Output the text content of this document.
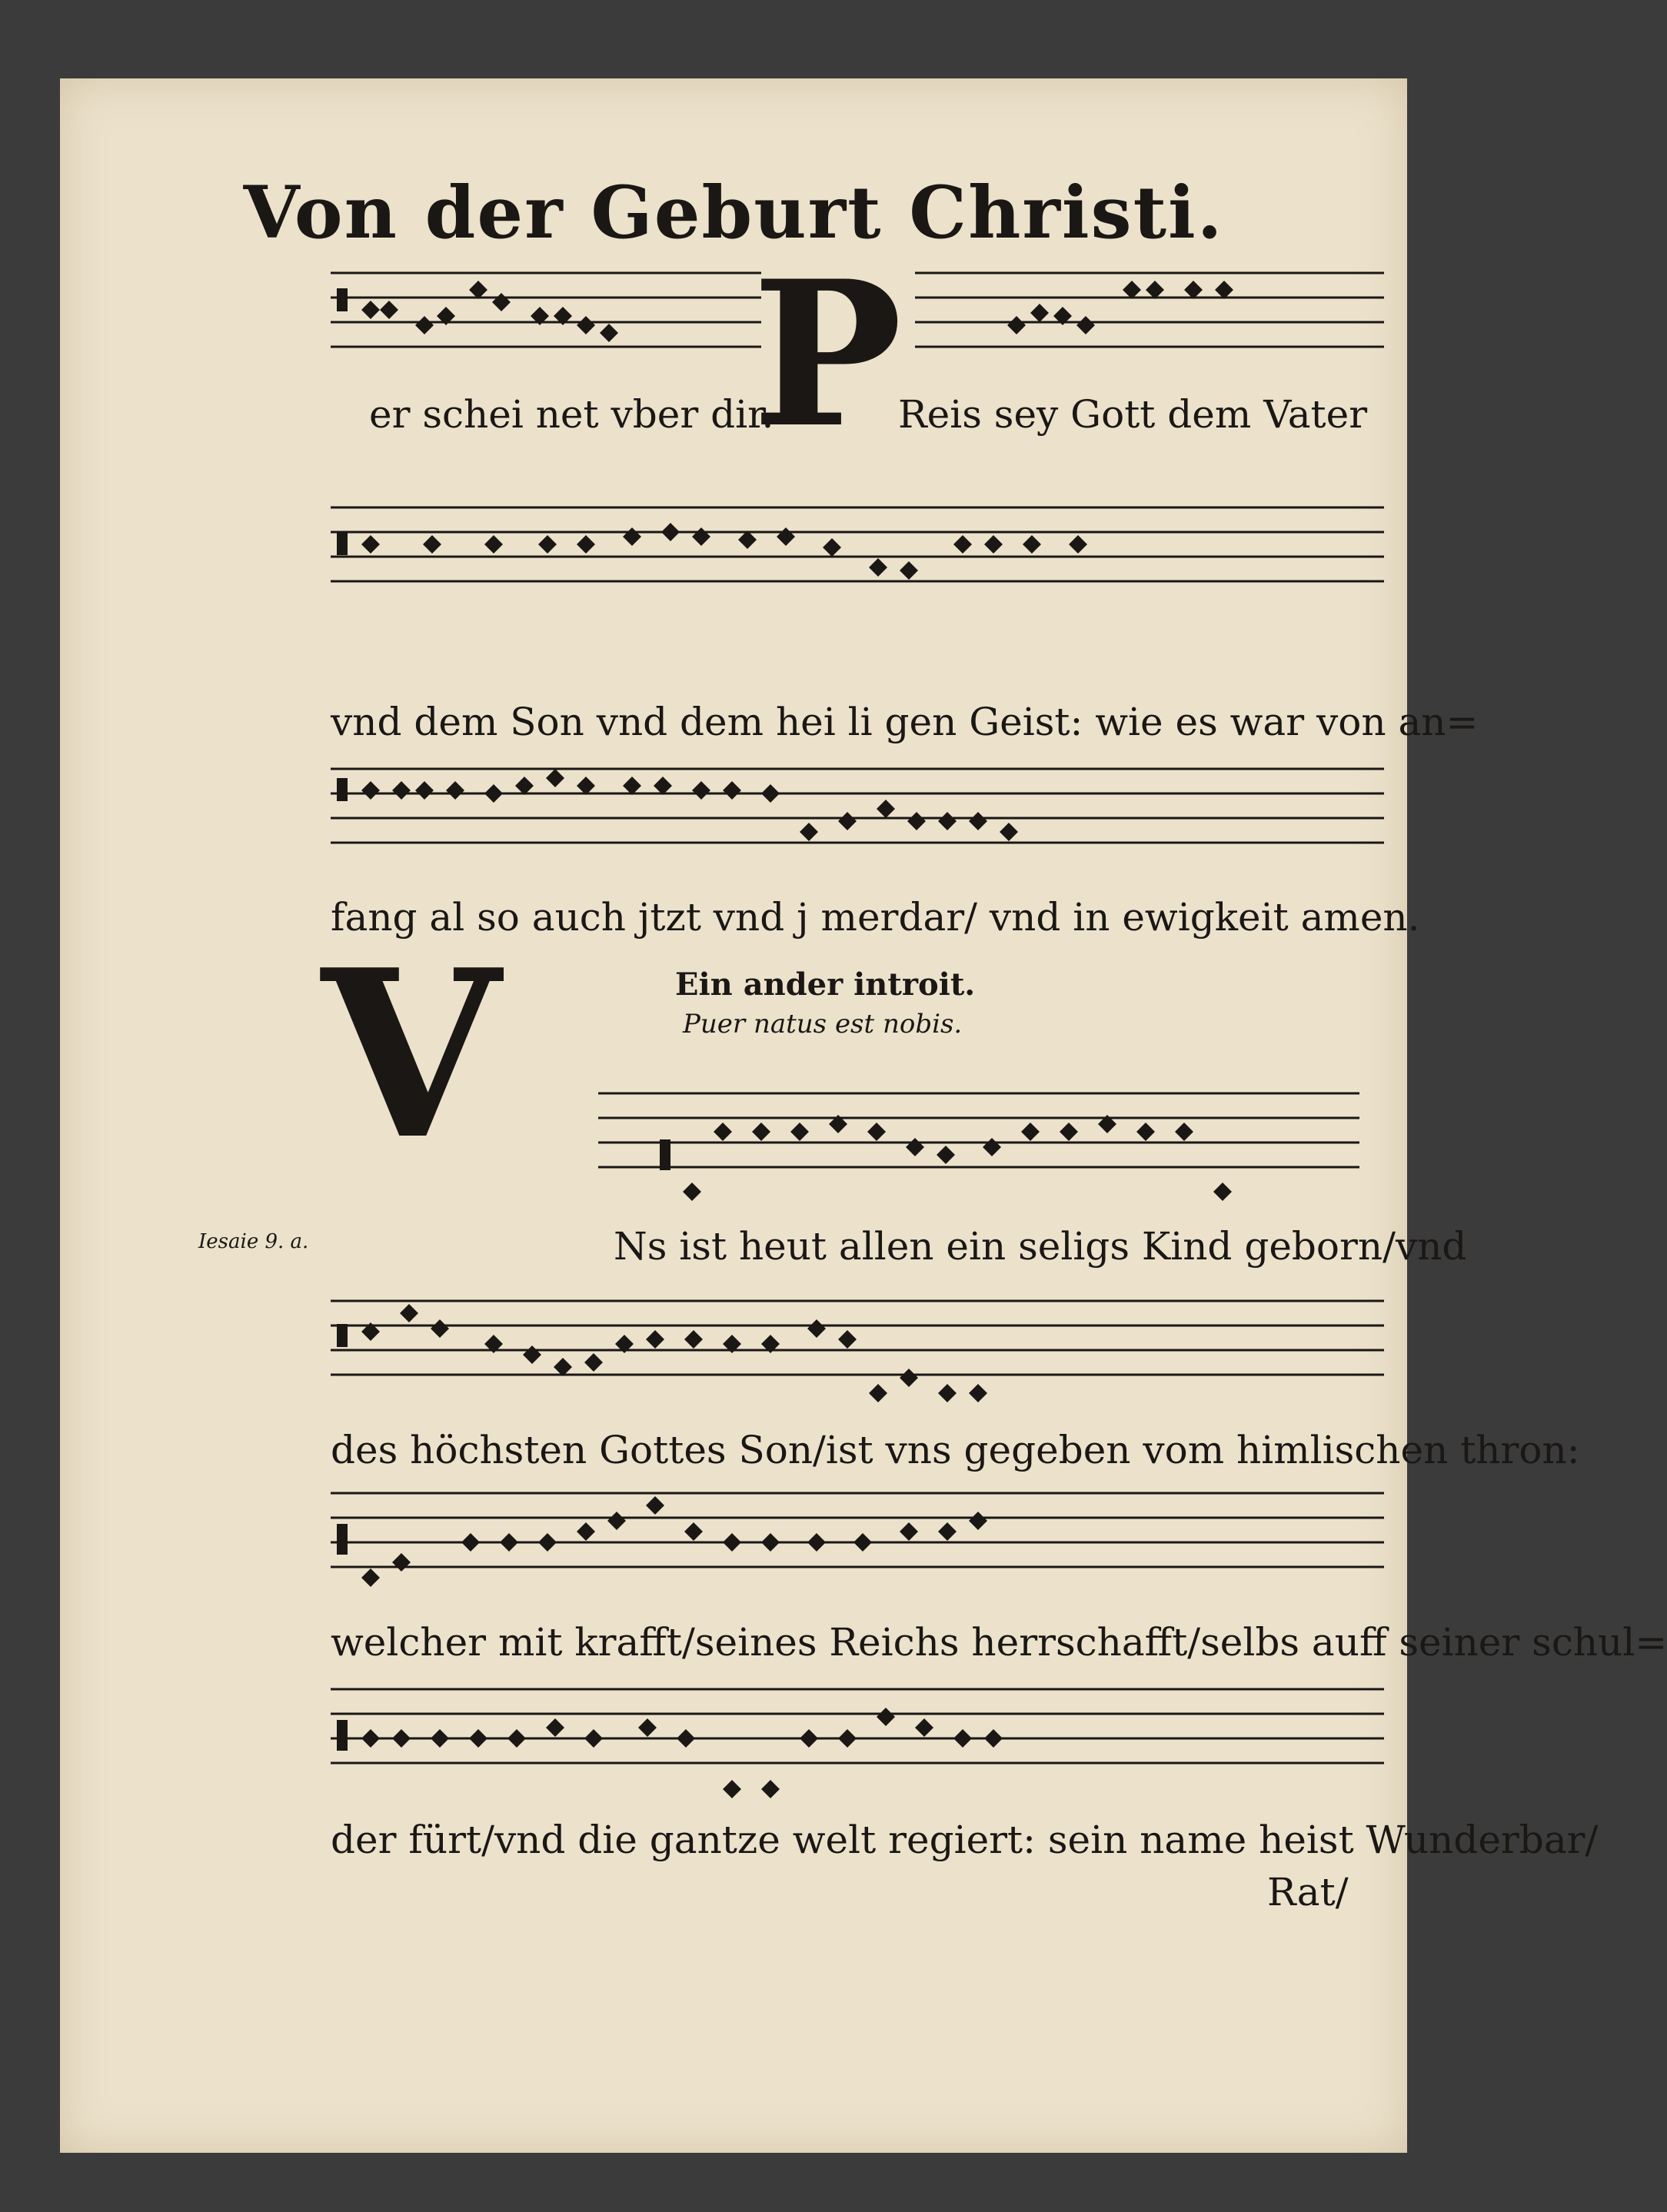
Von der Geburt Christi.
P
er schei net vber dir.	Reis sey Gott dem Vater
vnd dem Son vnd dem hei li gen Geist: wie es war von an=
fang al so auch jtzt vnd j merdar/ vnd in ewigkeit amen.
V	Ein ander introit.
Puer natus est nobis.
Iesaie 9. a.	Ns ist heut allen ein seligs Kind geborn/vnd
des höchsten Gottes Son/ist vns gegeben vom himlischen thron:
welcher mit krafft/seines Reichs herrschafft/selbs auff seiner schul=
der fürt/vnd die gantze welt regiert: sein name heist Wunderbar/
Rat/
